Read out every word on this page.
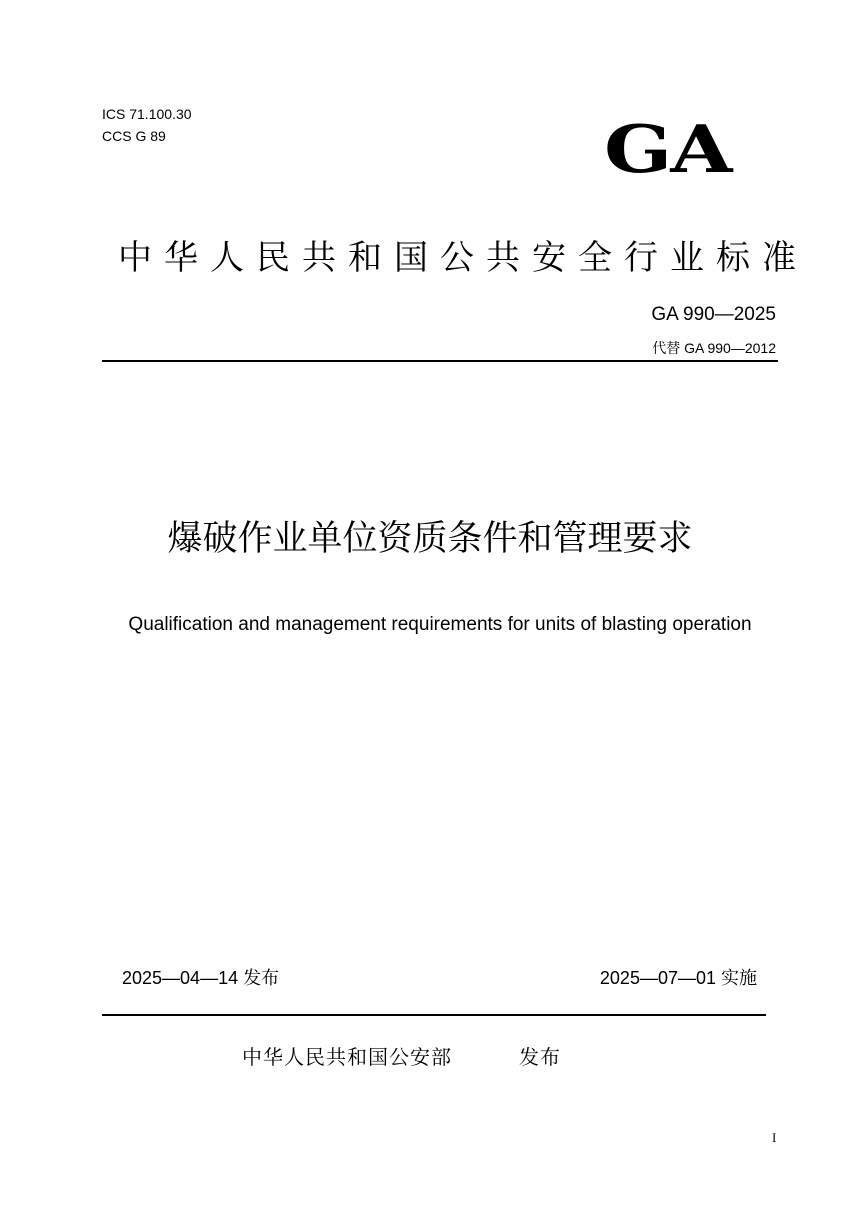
ICS 71.100.30
CCS G 89	GA
中华人民共和国公共安全行业标准
GA 990—2025
代替 GA 990—2012
爆破作业单位资质条件和管理要求
Qualification and management requirements for units of blasting operation
2025—04—14 发布	2025—07—01 实施
中华人民共和国公安部	发布
I
